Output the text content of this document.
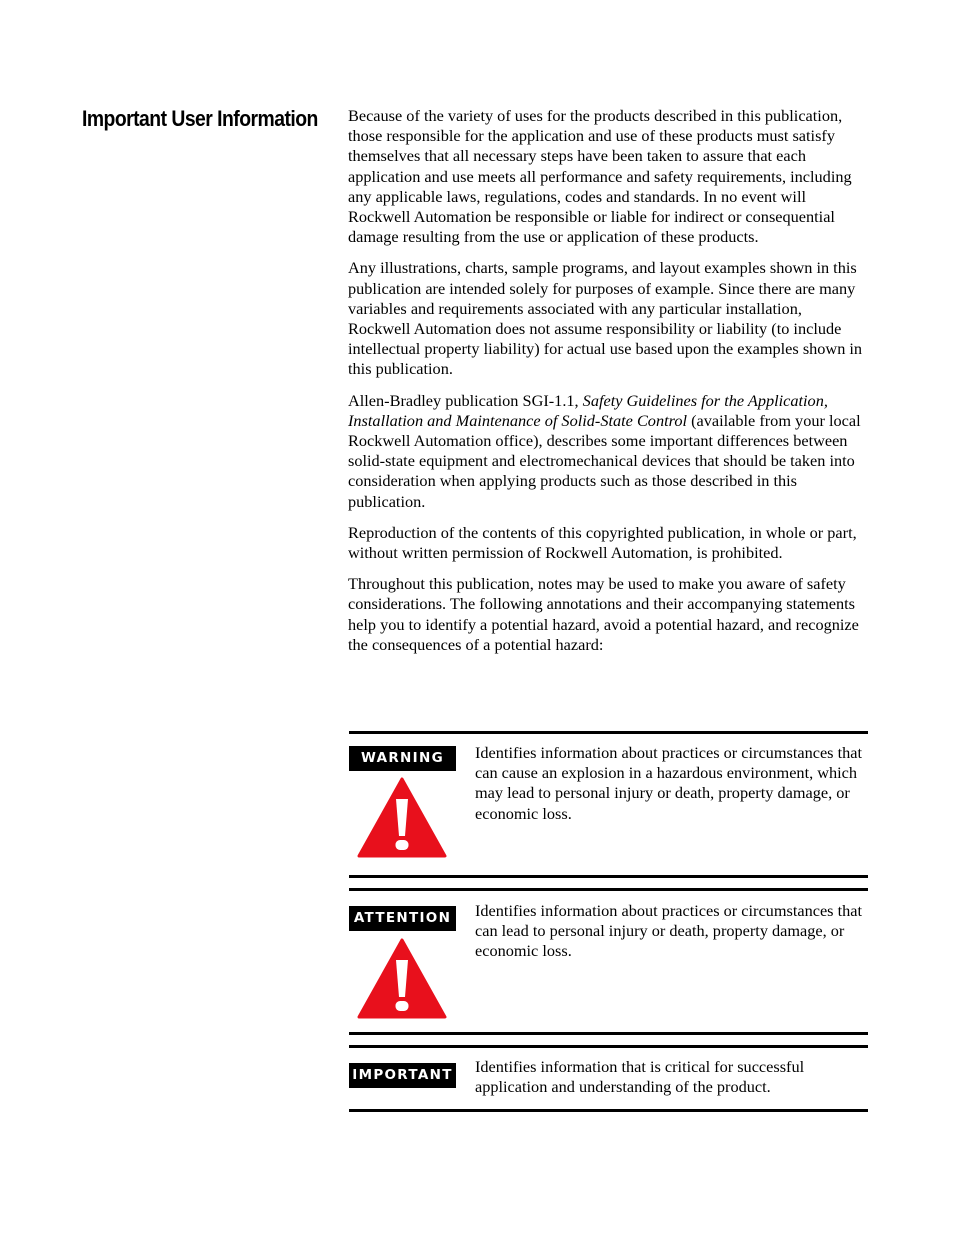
Important User Information Because of the variety of uses for the products described in this publication, those responsible for the application and use of these products must satisfy themselves that all necessary steps have been taken to assure that each application and use meets all performance and safety requirements, including any applicable laws, regulations, codes and standards. In no event will Rockwell Automation be responsible or liable for indirect or consequential damage resulting from the use or application of these products.

Any illustrations, charts, sample programs, and layout examples shown in this publication are intended solely for purposes of example. Since there are many variables and requirements associated with any particular installation, Rockwell Automation does not assume responsibility or liability (to include intellectual property liability) for actual use based upon the examples shown in this publication.

Allen-Bradley publication SGI-1.1, Safety Guidelines for the Application, Installation and Maintenance of Solid-State Control (available from your local Rockwell Automation office), describes some important differences between solid-state equipment and electromechanical devices that should be taken into consideration when applying products such as those described in this publication.

Reproduction of the contents of this copyrighted publication, in whole or part, without written permission of Rockwell Automation, is prohibited.

Throughout this publication, notes may be used to make you aware of safety considerations. The following annotations and their accompanying statements help you to identify a potential hazard, avoid a potential hazard, and recognize the consequences of a potential hazard:

WARNING	Identifies information about practices or circumstances that can cause an explosion in a hazardous environment, which may lead to personal injury or death, property damage, or economic loss.

ATTENTION Identifies information about practices or circumstances that can lead to personal injury or death, property damage, or economic loss.

IMPORTANT Identifies information that is critical for successful application and understanding of the product.
